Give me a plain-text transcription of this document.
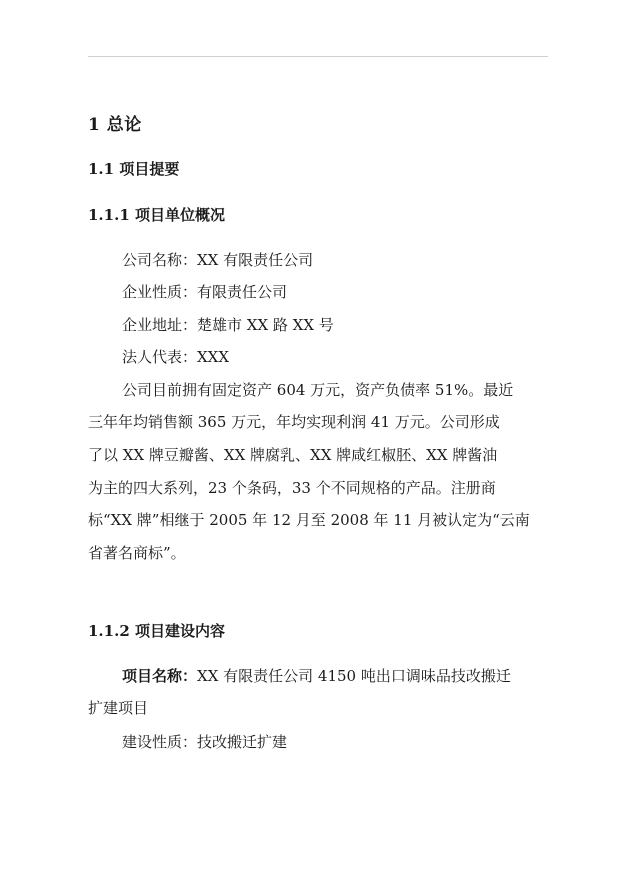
1 总论
1.1 项目提要
1.1.1 项目单位概况
公司名称：XX 有限责任公司
企业性质：有限责任公司
企业地址：楚雄市 XX 路 XX 号
法人代表：XXX
公司目前拥有固定资产 604 万元，资产负债率 51%。最近
三年年均销售额 365 万元，年均实现利润 41 万元。公司形成
了以 XX 牌豆瓣酱、XX 牌腐乳、XX 牌咸红椒胚、XX 牌酱油
为主的四大系列，23 个条码，33 个不同规格的产品。注册商
标“XX 牌”相继于 2005 年 12 月至 2008 年 11 月被认定为“云南
省著名商标”。
1.1.2 项目建设内容
项目名称：XX 有限责任公司 4150 吨出口调味品技改搬迁
扩建项目
建设性质：技改搬迁扩建
